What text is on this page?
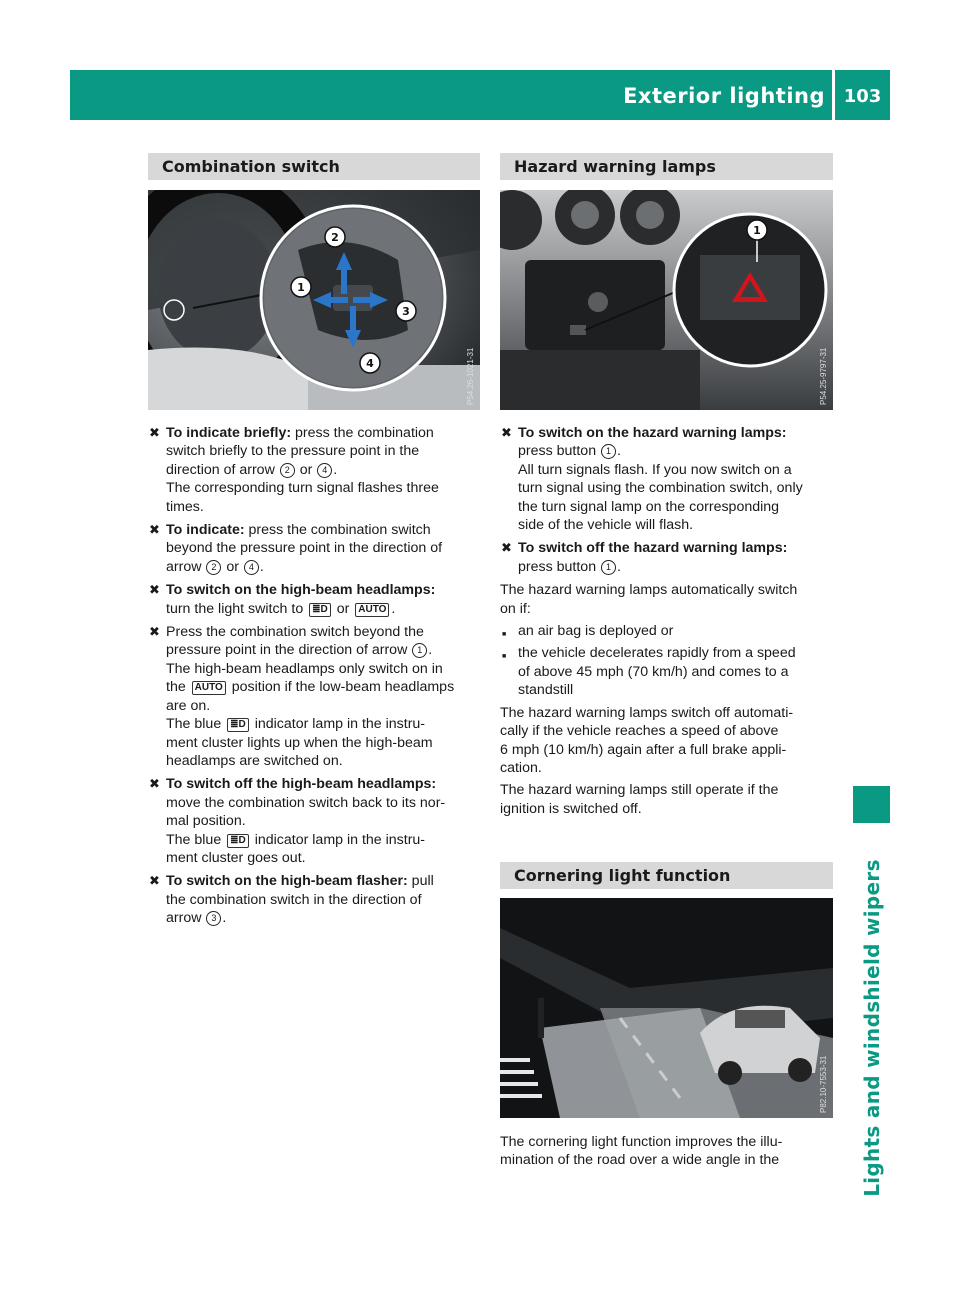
Exterior lighting	103
Lights and windshield wipers
Combination switch
2
1
3
4	P54.26-1021-31
✖ To indicate briefly: press the combination
switch briefly to the pressure point in the
direction of arrow 2 or 4 .
The corresponding turn signal flashes three
times.
✖ To indicate: press the combination switch
beyond the pressure point in the direction of
arrow 2 or 4 .
✖ To switch on the high-beam headlamps:
turn the light switch to ≣D or AUTO .
✖ Press the combination switch beyond the
pressure point in the direction of arrow 1 .
The high-beam headlamps only switch on in
the AUTO position if the low-beam headlamps
are on.
The blue ≣D indicator lamp in the instru-
ment cluster lights up when the high-beam
headlamps are switched on.
✖ To switch off the high-beam headlamps:
move the combination switch back to its nor-
mal position.
The blue ≣D indicator lamp in the instru-
ment cluster goes out.
✖ To switch on the high-beam flasher: pull
the combination switch in the direction of
arrow 3 .
Hazard warning lamps
1
P54.25-9797-31
✖ To switch on the hazard warning lamps:
press button 1 .
All turn signals flash. If you now switch on a
turn signal using the combination switch, only
the turn signal lamp on the corresponding
side of the vehicle will flash.
✖ To switch off the hazard warning lamps:
press button 1 .
The hazard warning lamps automatically switch
on if:
■ an air bag is deployed or
■ the vehicle decelerates rapidly from a speed
of above 45 mph (70 km/h) and comes to a
standstill
The hazard warning lamps switch off automati-
cally if the vehicle reaches a speed of above
6 mph (10 km/h) again after a full brake appli-
cation.
The hazard warning lamps still operate if the
ignition is switched off.
Cornering light function
P82.10-7553-31
The cornering light function improves the illu-
mination of the road over a wide angle in the
